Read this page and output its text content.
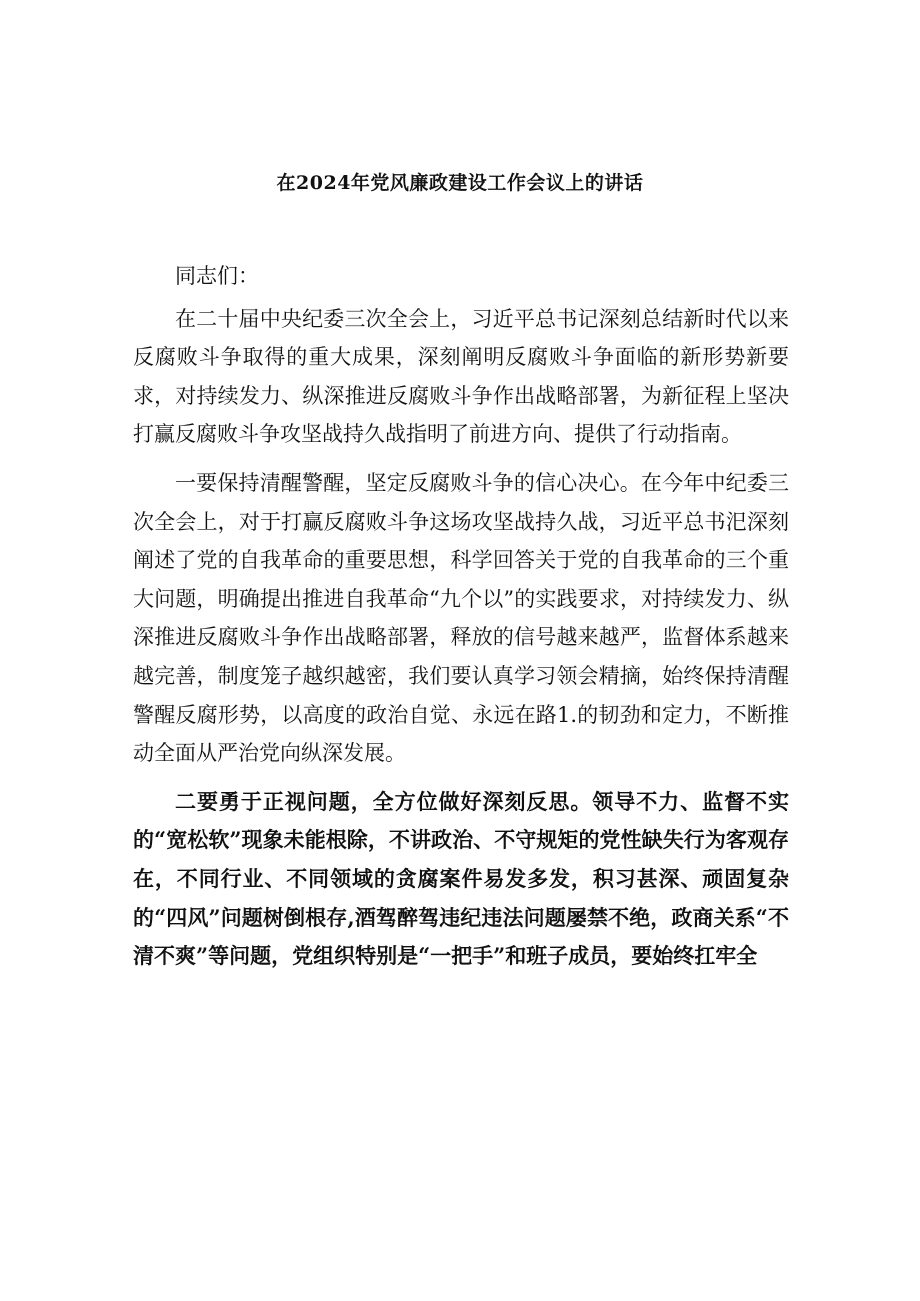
在2024年党风廉政建设工作会议上的讲话

同志们：

在二十届中央纪委三次全会上，习近平总书记深刻总结新时代以来反腐败斗争取得的重大成果，深刻阐明反腐败斗争面临的新形势新要求，对持续发力、纵深推进反腐败斗争作出战略部署，为新征程上坚决打赢反腐败斗争攻坚战持久战指明了前进方向、提供了行动指南。

一要保持清醒警醒，坚定反腐败斗争的信心决心。在今年中纪委三次全会上，对于打赢反腐败斗争这场攻坚战持久战，习近平总书汜深刻阐述了党的自我革命的重要思想，科学回答关于党的自我革命的三个重大问题，明确提出推进自我革命“九个以”的实践要求，对持续发力、纵深推进反腐败斗争作出战略部署，释放的信号越来越严，监督体系越来越完善，制度笼子越织越密，我们要认真学习领会精摘，始终保持清醒警醒反腐形势，以高度的政治自觉、永远在路1.的韧劲和定力，不断推动全面从严治党向纵深发展。

二要勇于正视问题，全方位做好深刻反思。领导不力、监督不实的“宽松软”现象未能根除，不讲政治、不守规矩的党性缺失行为客观存在，不同行业、不同领域的贪腐案件易发多发，积习甚深、顽固复杂的“四风”问题树倒根存,酒驾醉驾违纪违法问题屡禁不绝，政商关系“不清不爽”等问题，党组织特别是“一把手”和班子成员，要始终扛牢全
